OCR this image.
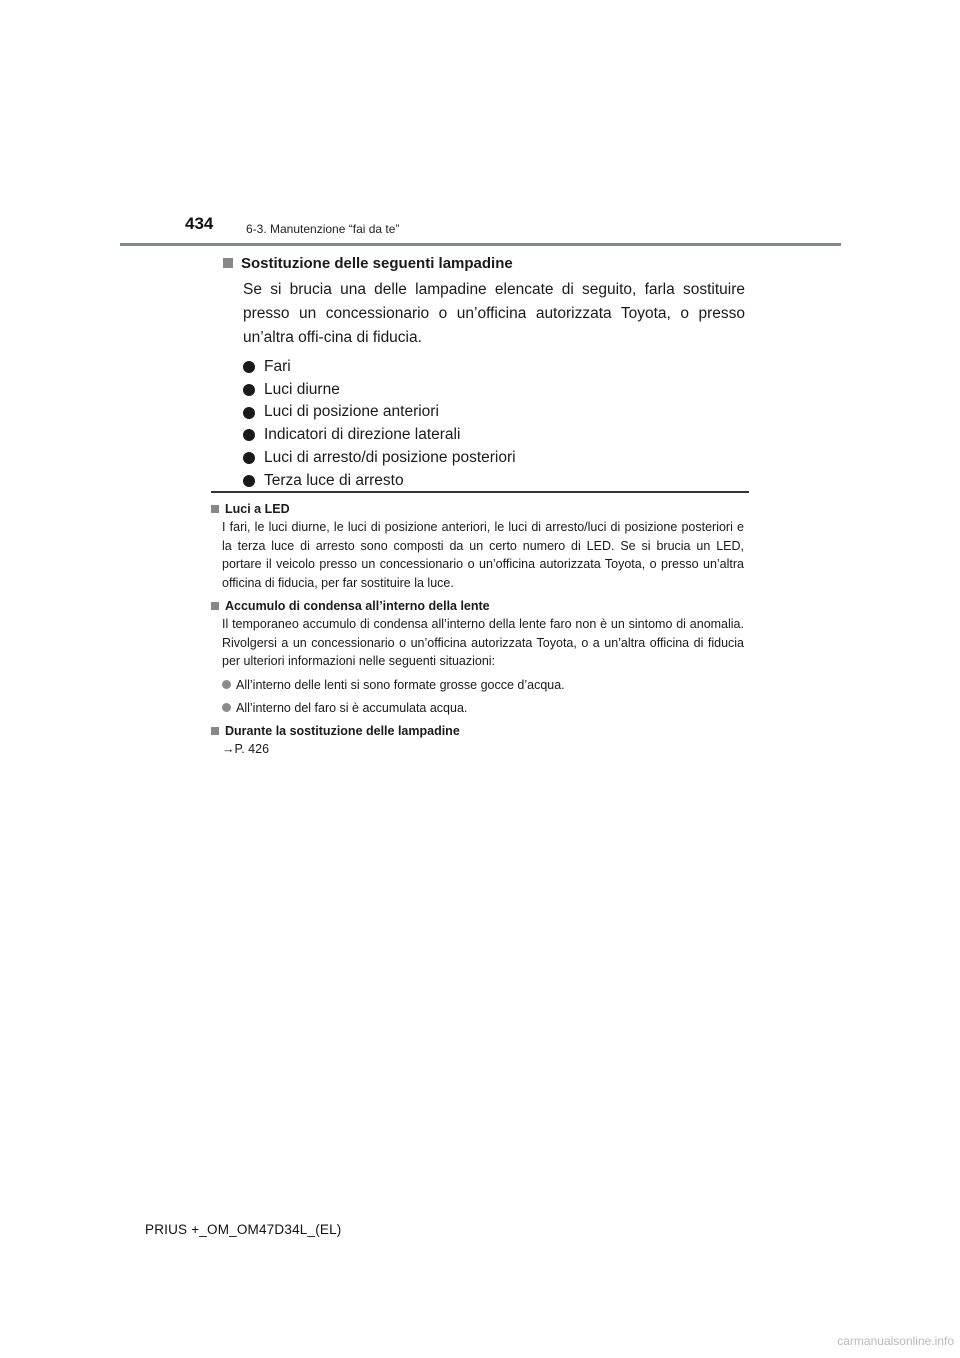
434	6-3. Manutenzione “fai da te”
Sostituzione delle seguenti lampadine

Se si brucia una delle lampadine elencate di seguito, farla sostituire presso un concessionario o un’officina autorizzata Toyota, o presso un’altra offi-cina di fiducia.

Fari
Luci diurne
Luci di posizione anteriori
Indicatori di direzione laterali
Luci di arresto/di posizione posteriori
Terza luce di arresto
Luci a LED
I fari, le luci diurne, le luci di posizione anteriori, le luci di arresto/luci di posizione posteriori e la terza luce di arresto sono composti da un certo numero di LED. Se si brucia un LED, portare il veicolo presso un concessionario o un’officina autorizzata Toyota, o presso un’altra officina di fiducia, per far sostituire la luce.
Accumulo di condensa all’interno della lente
Il temporaneo accumulo di condensa all’interno della lente faro non è un sintomo di anomalia. Rivolgersi a un concessionario o un’officina autorizzata Toyota, o a un’altra officina di fiducia per ulteriori informazioni nelle seguenti situazioni:
All’interno delle lenti si sono formate grosse gocce d’acqua.
All’interno del faro si è accumulata acqua.
Durante la sostituzione delle lampadine
→P. 426
PRIUS +_OM_OM47D34L_(EL)
carmanualsonline.info
